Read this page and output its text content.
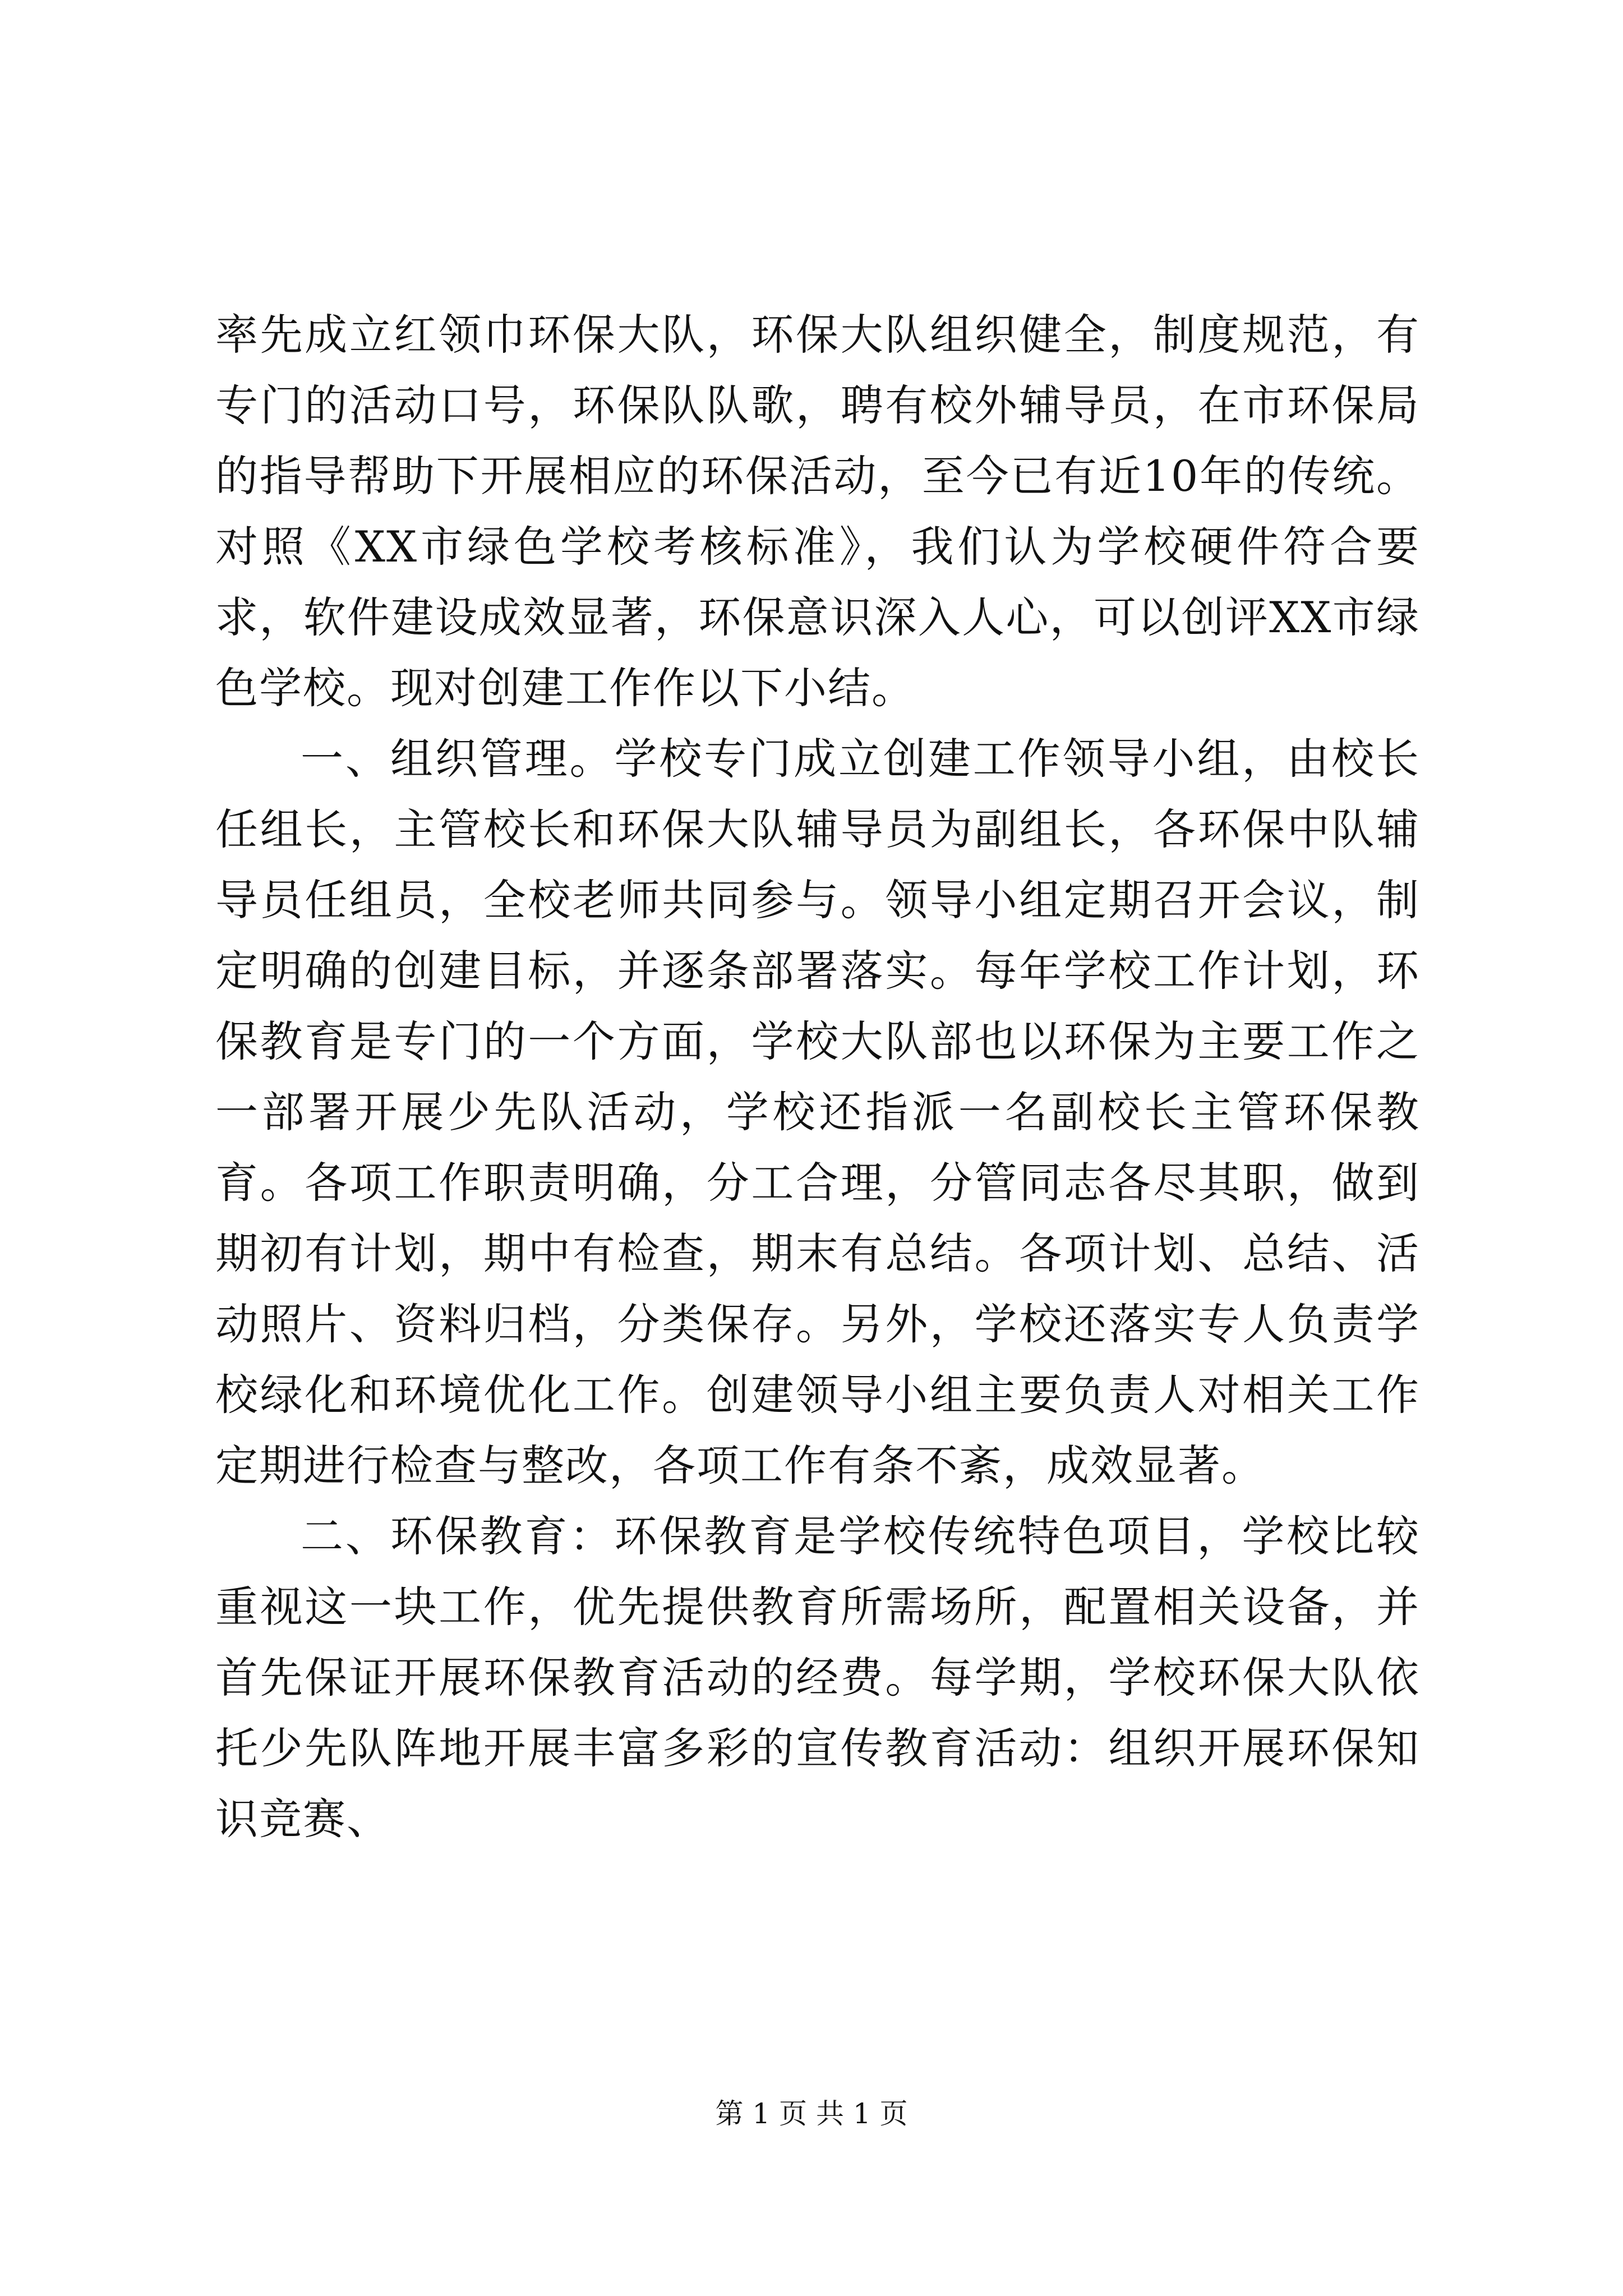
率先成立红领巾环保大队，环保大队组织健全，制度规范，有专门的活动口号，环保队队歌，聘有校外辅导员，在市环保局的指导帮助下开展相应的环保活动，至今已有近10年的传统。对照《XX市绿色学校考核标准》，我们认为学校硬件符合要求，软件建设成效显著，环保意识深入人心，可以创评XX市绿色学校。现对创建工作作以下小结。

一、组织管理。学校专门成立创建工作领导小组，由校长任组长，主管校长和环保大队辅导员为副组长，各环保中队辅导员任组员，全校老师共同参与。领导小组定期召开会议，制定明确的创建目标，并逐条部署落实。每年学校工作计划，环保教育是专门的一个方面，学校大队部也以环保为主要工作之一部署开展少先队活动，学校还指派一名副校长主管环保教育。各项工作职责明确，分工合理，分管同志各尽其职，做到期初有计划，期中有检查，期末有总结。各项计划、总结、活动照片、资料归档，分类保存。另外，学校还落实专人负责学校绿化和环境优化工作。创建领导小组主要负责人对相关工作定期进行检查与整改，各项工作有条不紊，成效显著。

二、环保教育：环保教育是学校传统特色项目，学校比较重视这一块工作，优先提供教育所需场所，配置相关设备，并首先保证开展环保教育活动的经费。每学期，学校环保大队依托少先队阵地开展丰富多彩的宣传教育活动：组织开展环保知识竞赛、

第 1 页 共 1 页
